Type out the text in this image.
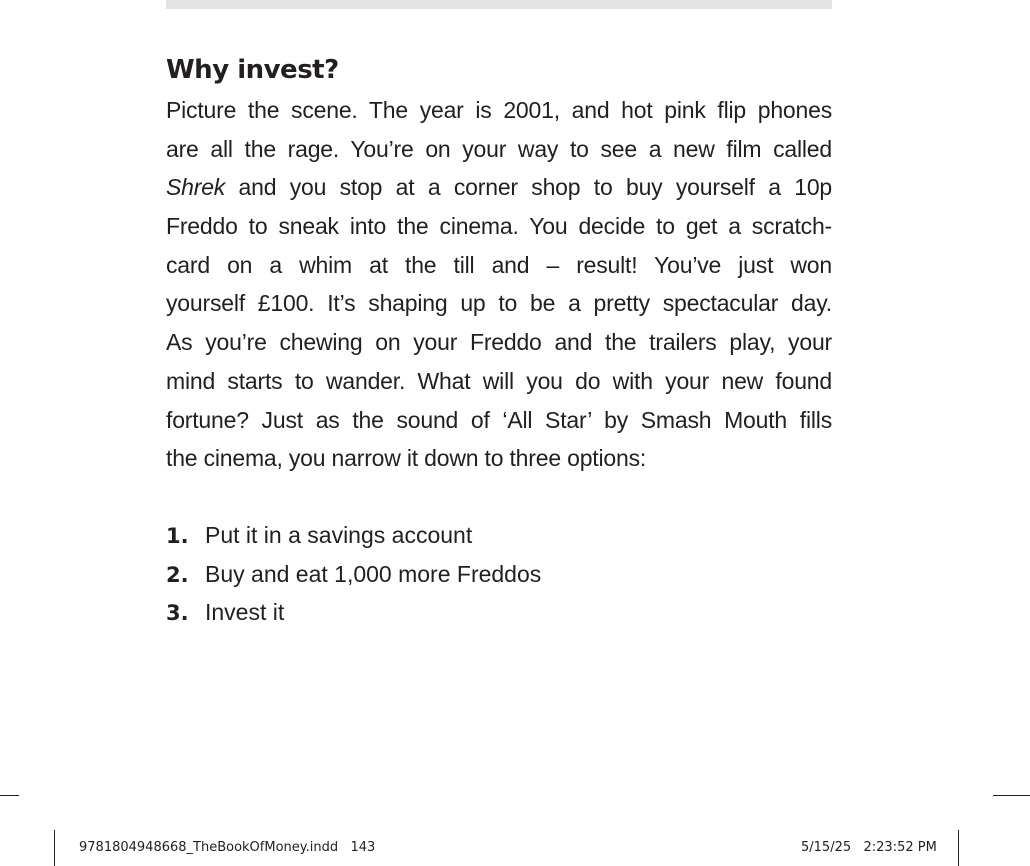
Why invest?
Picture the scene. The year is 2001, and hot pink flip phones
are all the rage. You’re on your way to see a new film called
Shrek and you stop at a corner shop to buy yourself a 10p
Freddo to sneak into the cinema. You decide to get a scratch-
card on a whim at the till and – result! You’ve just won
yourself £100. It’s shaping up to be a pretty spectacular day.
As you’re chewing on your Freddo and the trailers play, your
mind starts to wander. What will you do with your new found
fortune? Just as the sound of ‘All Star’ by Smash Mouth fills
the cinema, you narrow it down to three options:
1. Put it in a savings account
2. Buy and eat 1,000 more Freddos
3. Invest it
9781804948668_TheBookOfMoney.indd   143	5/15/25   2:23:52 PM
